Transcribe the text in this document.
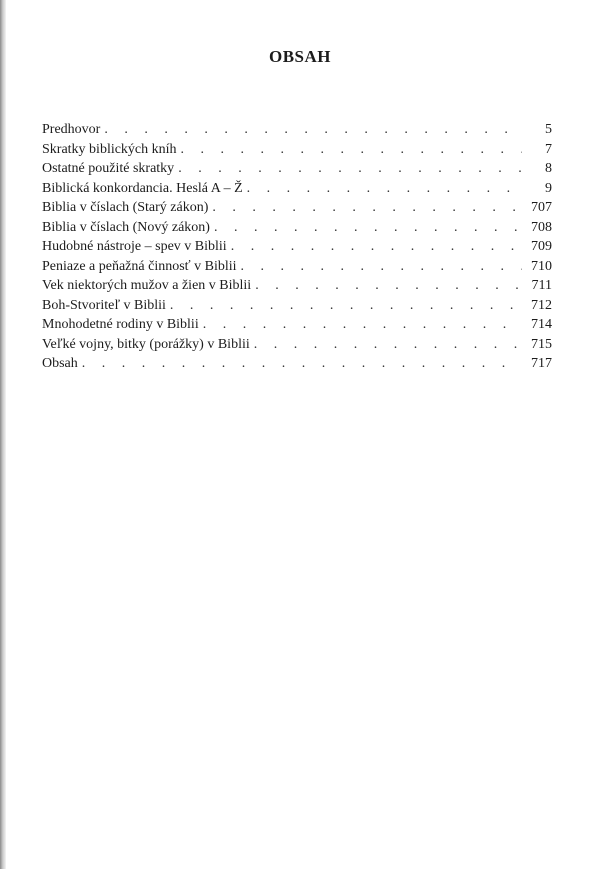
OBSAH
Predhovor . . .	5
Skratky biblických kníh . . .	7
Ostatné použité skratky . . .	8
Biblická konkordancia. Heslá A – Ž . . .	9
Biblia v číslach (Starý zákon) . . .	707
Biblia v číslach (Nový zákon) . . .	708
Hudobné nástroje – spev v Biblii . . .	709
Peniaze a peňažná činnosť v Biblii . . .	710
Vek niektorých mužov a žien v Biblii . . .	711
Boh-Stvoriteľ v Biblii . . .	712
Mnohodetné rodiny v Biblii . . .	714
Veľké vojny, bitky (porážky) v Biblii . . .	715
Obsah . . .	717
